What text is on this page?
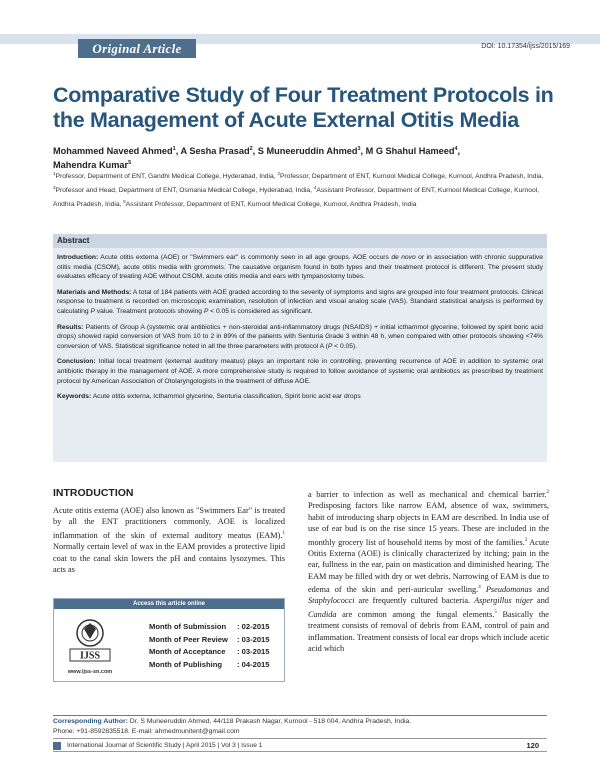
Original Article	DOI: 10.17354/ijss/2015/169
Comparative Study of Four Treatment Protocols in the Management of Acute External Otitis Media
Mohammed Naveed Ahmed$^1$, A Sesha Prasad$^2$, S Muneeruddin Ahmed$^3$, M G Shahul Hameed$^4$,
Mahendra Kumar$^5$
$^1$Professor, Department of ENT, Gandhi Medical College, Hyderabad, India, $^2$Professor, Department of ENT, Kurnool Medical College, Kurnool, Andhra Pradesh, India, $^3$Professor and Head, Department of ENT, Osmania Medical College, Hyderabad, India, $^4$Assistant Professor, Department of ENT, Kurnool Medical College, Kurnool, Andhra Pradesh, India, $^5$Assistant Professor, Department of ENT, Kurnool Medical College, Kurnool, Andhra Pradesh, India
Abstract

Introduction: Acute otitis externa (AOE) or "Swimmers ear" is commonly seen in all age groups. AOE occurs de novo or in association with chronic suppurative otitis media (CSOM), acute otitis media with grommets. The causative organism found in both types and their treatment protocol is different. The present study evaluates efficacy of treating AOE without CSOM, acute otitis media and ears with tympanostomy tubes.

Materials and Methods: A total of 184 patients with AOE graded according to the severity of symptoms and signs are grouped into four treatment protocols. Clinical response to treatment is recorded on microscopic examination, resolution of infection and visual analog scale (VAS). Standard statistical analysis is performed by calculating P value. Treatment protocols showing P < 0.05 is considered as significant.

Results: Patients of Group A (systemic oral antibiotics + non-steroidal anti-inflammatory drugs (NSAIDS) + initial icthammol glycerine, followed by spirit boric acid drops) showed rapid conversion of VAS from 10 to 2 in 89% of the patients with Senturia Grade 3 within 48 h, when compared with other protocols showing <74% conversion of VAS. Statistical significance noted in all the three parameters with protocol A (P < 0.05).

Conclusion: Initial local treatment (external auditory meatus) plays an important role in controlling, preventing recurrence of AOE in addition to systemic oral antibiotic therapy in the management of AOE. A more comprehensive study is required to follow avoidance of systemic oral antibiotics as prescribed by treatment protocol by American Association of Otolaryngologists in the treatment of diffuse AOE.

Keywords: Acute otitis externa, Icthammol glycerine, Senturia classification, Spirit boric acid ear drops

INTRODUCTION
Acute otitis externa (AOE) also known as "Swimmers Ear" is treated by all the ENT practitioners commonly. AOE is localized inflammation of the skin of external auditory meatus (EAM).$^1$ Normally certain level of wax in the EAM provides a protective lipid coat to the canal skin lowers the pH and contains lysozymes. This acts as
a barrier to infection as well as mechanical and chemical barrier.$^2$ Predisposing factors like narrow EAM, absence of wax, swimmers, habit of introducing sharp objects in EAM are described. In India use of use of ear bud is on the rise since 15 years. These are included in the monthly grocery list of household items by most of the families.$^3$ Acute Otitis Externa (AOE) is clinically characterized by itching; pain in the ear, fullness in the ear, pain on mastication and diminished hearing. The EAM may be filled with dry or wet debris. Narrowing of EAM is due to edema of the skin and peri-auricular swelling.$^4$ Pseudomonas and Staphylococci are frequently cultured bacteria. Aspergillus niger and Candida are common among the fungal elements.$^5$ Basically the treatment consists of removal of debris from EAM, control of pain and inflammation. Treatment consists of local ear drops which include acetic acid which
Access this article online
IJSS
www.ijss-sn.com
Month of Submission	: 02-2015
Month of Peer Review	: 03-2015
Month of Acceptance	: 03-2015
Month of Publishing	: 04-2015
Corresponding Author: Dr. S Muneeruddin Ahmed, 44/118 Prakash Nagar, Kurnool - 518 004, Andhra Pradesh, India.
Phone: +91-8592835518. E-mail: ahmedmunitent@gmail.com
International Journal of Scientific Study | April 2015 | Vol 3 | Issue 1	120
